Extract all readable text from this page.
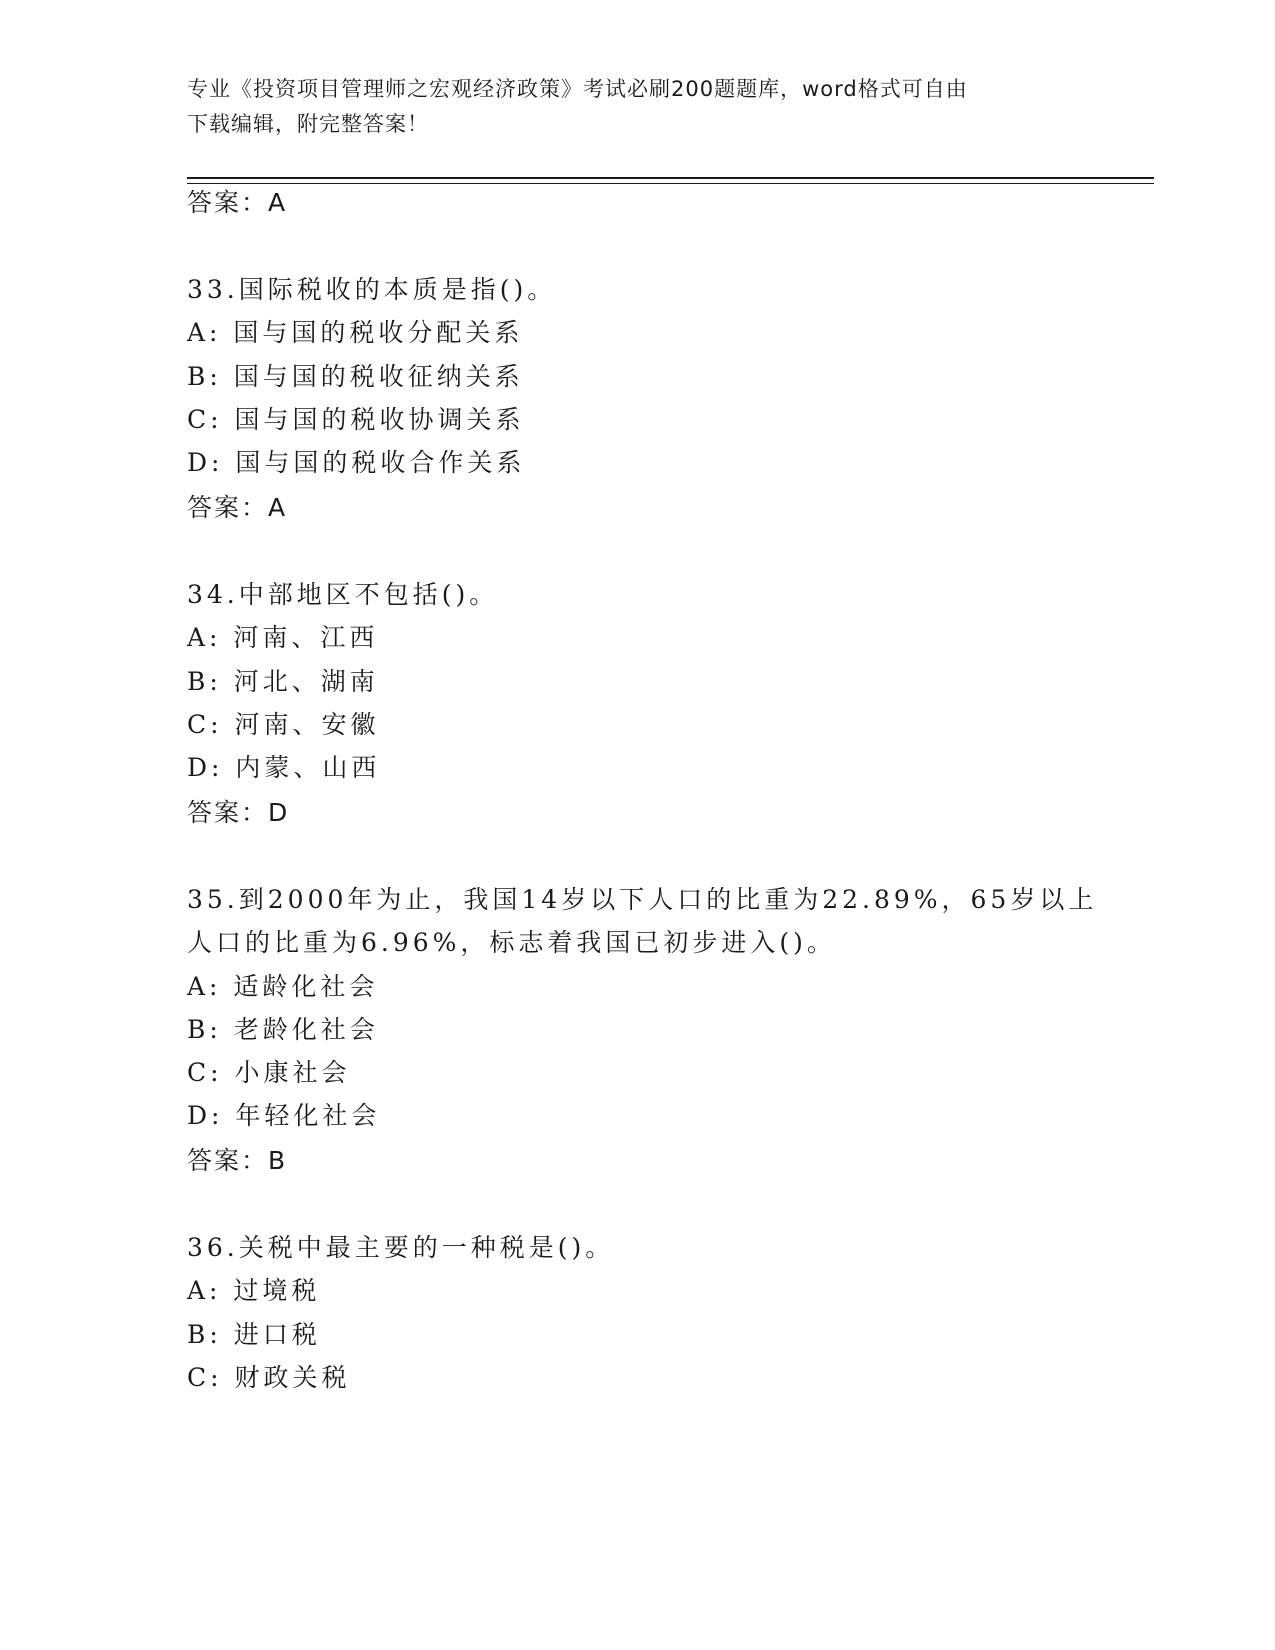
专业《投资项目管理师之宏观经济政策》考试必刷200题题库，word格式可自由
下载编辑，附完整答案！
答案：A
33.国际税收的本质是指()。
A: 国与国的税收分配关系
B: 国与国的税收征纳关系
C: 国与国的税收协调关系
D: 国与国的税收合作关系
答案：A
34.中部地区不包括()。
A: 河南、江西
B: 河北、湖南
C: 河南、安徽
D: 内蒙、山西
答案：D
35.到2000年为止，我国14岁以下人口的比重为22.89%，65岁以上
人口的比重为6.96%，标志着我国已初步进入()。
A: 适龄化社会
B: 老龄化社会
C: 小康社会
D: 年轻化社会
答案：B
36.关税中最主要的一种税是()。
A: 过境税
B: 进口税
C: 财政关税
